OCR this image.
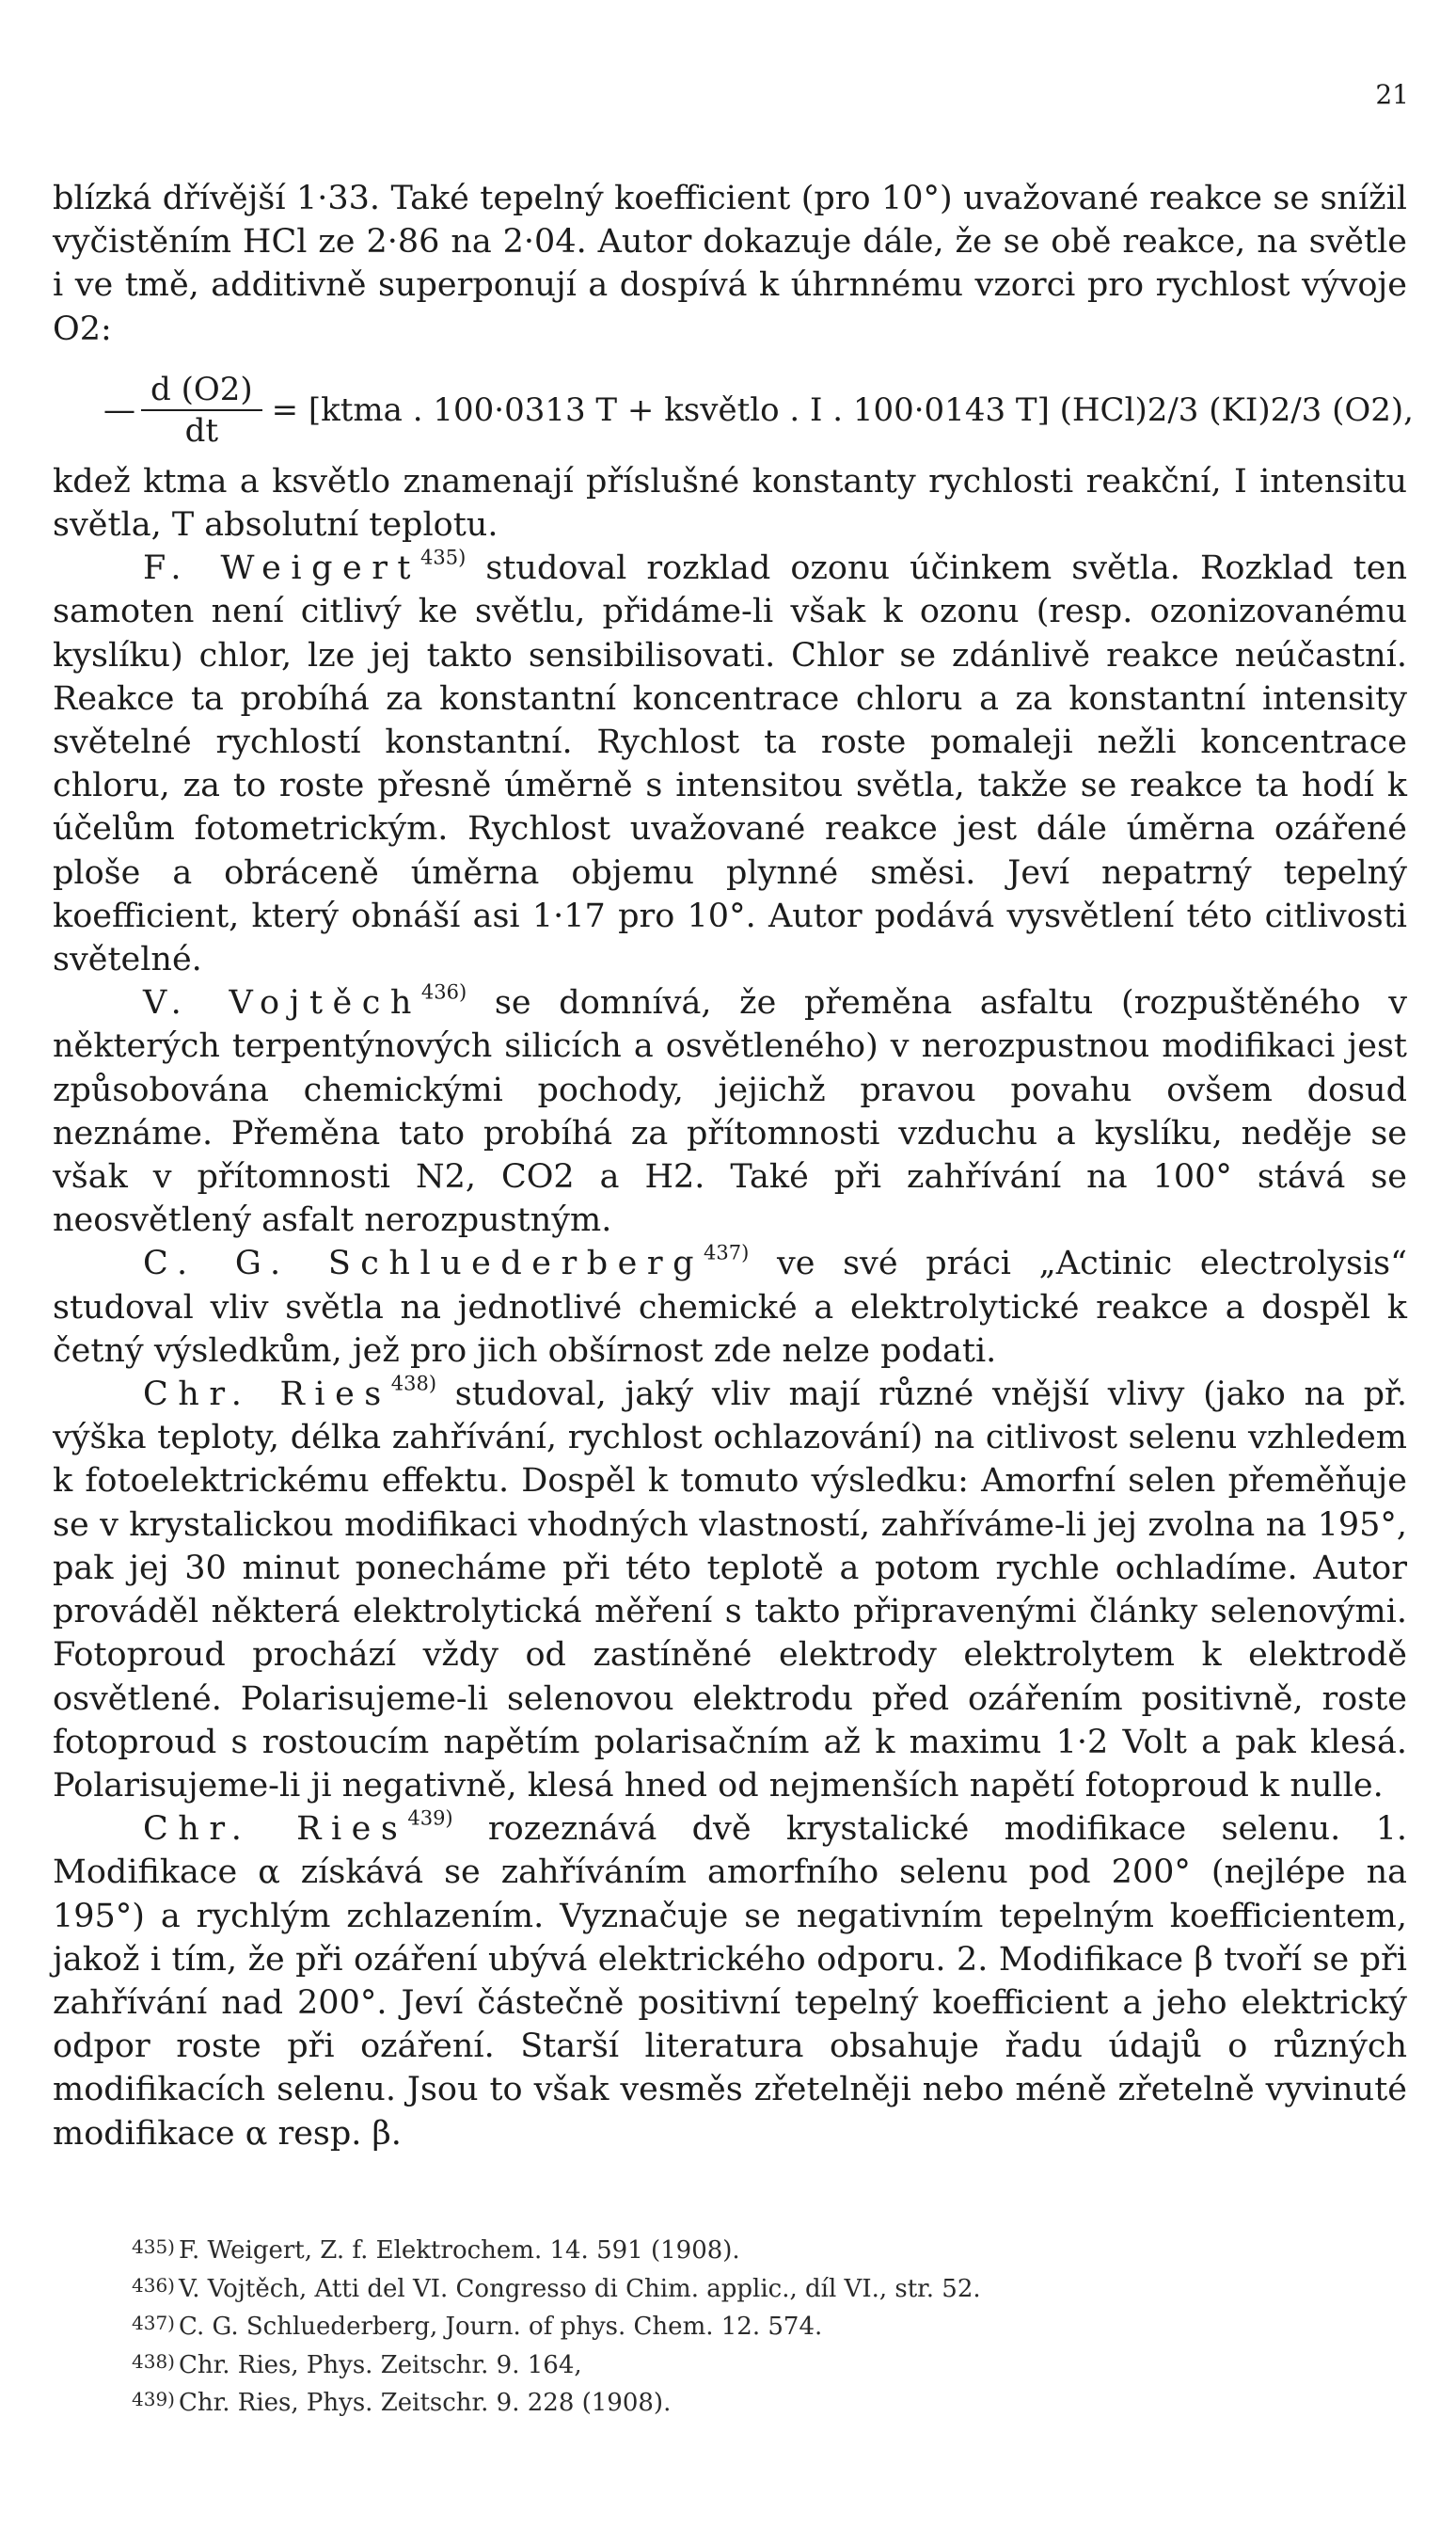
21

blízká dřívější 1·33. Také tepelný koefficient (pro 10°) uvažované reakce se snížil vyčistěním HCl ze 2·86 na 2·04. Autor dokazuje dále, že se obě reakce, na světle i ve tmě, additivně superponují a dospívá k úhrnnému vzorci pro rychlost vývoje O2:

— $\frac{d (O2)}{dt}$ = [ktma . 100·0313 T + ksvětlo . I . 100·0143 T] (HCl)2/3 (KI)2/3 (O2),

kdež ktma a ksvětlo znamenají příslušné konstanty rychlosti reakční, I intensitu světla, T absolutní teplotu.

F. Weigert$^{435)}$ studoval rozklad ozonu účinkem světla. Rozklad ten samoten není citlivý ke světlu, přidáme-li však k ozonu (resp. ozonizovanému kyslíku) chlor, lze jej takto sensibilisovati. Chlor se zdánlivě reakce neúčastní. Reakce ta probíhá za konstantní koncentrace chloru a za konstantní intensity světelné rychlostí konstantní. Rychlost ta roste pomaleji nežli koncentrace chloru, za to roste přesně úměrně s intensitou světla, takže se reakce ta hodí k účelům fotometrickým. Rychlost uvažované reakce jest dále úměrna ozářené ploše a obráceně úměrna objemu plynné směsi. Jeví nepatrný tepelný koefficient, který obnáší asi 1·17 pro 10°. Autor podává vysvětlení této citlivosti světelné.

V. Vojtěch$^{436)}$ se domnívá, že přeměna asfaltu (rozpuštěného v některých terpentýnových silicích a osvětleného) v nerozpustnou modifikaci jest způsobována chemickými pochody, jejichž pravou povahu ovšem dosud neznáme. Přeměna tato probíhá za přítomnosti vzduchu a kyslíku, neděje se však v přítomnosti N2, CO2 a H2. Také při zahřívání na 100° stává se neosvětlený asfalt nerozpustným.

C. G. Schluederberg$^{437)}$ ve své práci „Actinic electrolysis“ studoval vliv světla na jednotlivé chemické a elektrolytické reakce a dospěl k četný výsledkům, jež pro jich obšírnost zde nelze podati.

Chr. Ries$^{438)}$ studoval, jaký vliv mají různé vnější vlivy (jako na př. výška teploty, délka zahřívání, rychlost ochlazování) na citlivost selenu vzhledem k fotoelektrickému effektu. Dospěl k tomuto výsledku: Amorfní selen přeměňuje se v krystalickou modifikaci vhodných vlastností, zahříváme-li jej zvolna na 195°, pak jej 30 minut ponecháme při této teplotě a potom rychle ochladíme. Autor prováděl některá elektrolytická měření s takto připravenými články selenovými. Fotoproud prochází vždy od zastíněné elektrody elektrolytem k elektrodě osvětlené. Polarisujeme-li selenovou elektrodu před ozářením positivně, roste fotoproud s rostoucím napětím polarisačním až k maximu 1·2 Volt a pak klesá. Polarisujeme-li ji negativně, klesá hned od nejmenších napětí fotoproud k nulle.

Chr. Ries$^{439)}$ rozeznává dvě krystalické modifikace selenu. 1. Modifikace α získává se zahříváním amorfního selenu pod 200° (nejlépe na 195°) a rychlým zchlazením. Vyznačuje se negativním tepelným koefficientem, jakož i tím, že při ozáření ubývá elektrického odporu. 2. Modifikace β tvoří se při zahřívání nad 200°. Jeví částečně positivní tepelný koefficient a jeho elektrický odpor roste při ozáření. Starší literatura obsahuje řadu údajů o různých modifikacích selenu. Jsou to však vesměs zřetelněji nebo méně zřetelně vyvinuté modifikace α resp. β.

435) F. Weigert, Z. f. Elektrochem. 14. 591 (1908).

436) V. Vojtěch, Atti del VI. Congresso di Chim. applic., díl VI., str. 52.

437) C. G. Schluederberg, Journ. of phys. Chem. 12. 574.

438) Chr. Ries, Phys. Zeitschr. 9. 164,

439) Chr. Ries, Phys. Zeitschr. 9. 228 (1908).
